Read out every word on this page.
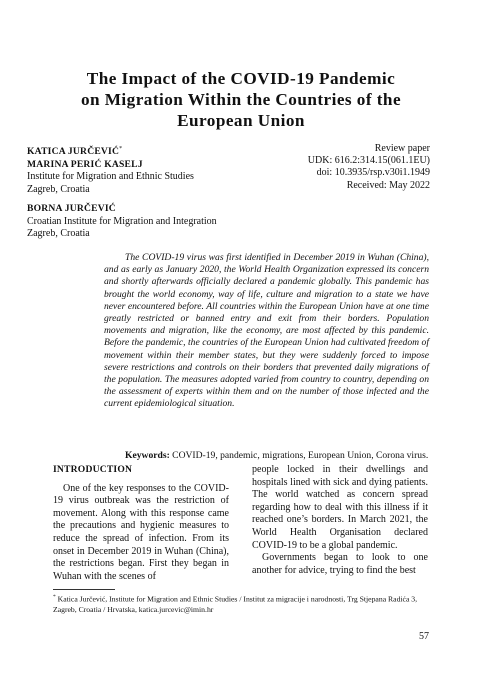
The Impact of the COVID-19 Pandemic
on Migration Within the Countries of the
European Union
KATICA JURČEVIĆ*
MARINA PERIĆ KASELJ
Institute for Migration and Ethnic Studies
Zagreb, Croatia
Review paper
UDK: 616.2:314.15(061.1EU)
doi: 10.3935/rsp.v30i1.1949
Received: May 2022
BORNA JURČEVIĆ
Croatian Institute for Migration and Integration
Zagreb, Croatia

The COVID-19 virus was first identified in December 2019 in Wuhan (China), and as early as January 2020, the World Health Organization expressed its concern and shortly afterwards officially declared a pandemic globally. This pandemic has brought the world economy, way of life, culture and migration to a state we have never encountered before. All countries within the European Union have at one time greatly restricted or banned entry and exit from their borders. Population movements and migration, like the economy, are most affected by this pandemic. Before the pandemic, the countries of the European Union had cultivated freedom of movement within their member states, but they were suddenly forced to impose severe restrictions and controls on their borders that prevented daily migrations of the population. The measures adopted varied from country to country, depending on the assessment of experts within them and on the number of those infected and the current epidemiological situation.

Keywords: COVID-19, pandemic, migrations, European Union, Corona virus.

INTRODUCTION

One of the key responses to the COVID-19 virus outbreak was the restriction of movement. Along with this response came the precautions and hygienic measures to reduce the spread of infection. From its onset in December 2019 in Wuhan (China), the restrictions began. First they began in Wuhan with the scenes of

people locked in their dwellings and hospitals lined with sick and dying patients. The world watched as concern spread regarding how to deal with this illness if it reached one’s borders. In March 2021, the World Health Organisation declared COVID-19 to be a global pandemic.

Governments began to look to one another for advice, trying to find the best

* Katica Jurčević, Institute for Migration and Ethnic Studies / Institut za migracije i narodnosti, Trg Stjepana Radića 3, Zagreb, Croatia / Hrvatska, katica.jurcevic@imin.hr

57
